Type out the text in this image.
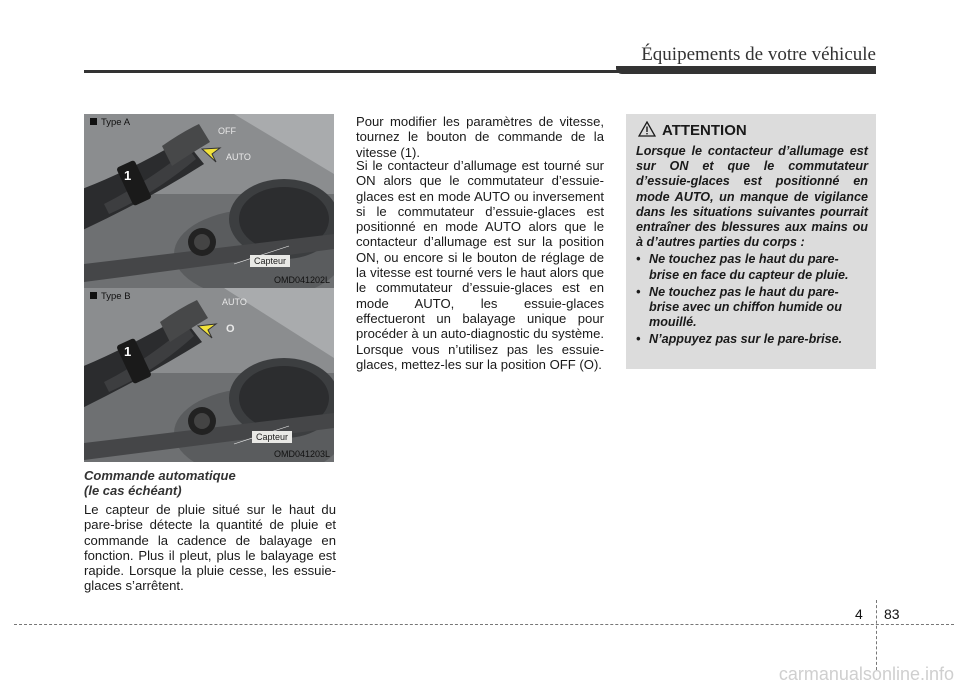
Équipements de votre véhicule
1
OFF
AUTO
Type A
Capteur
OMD041202L
1
AUTO
O
Type B
Capteur
OMD041203L
Commande automatique
(le cas échéant)
Le capteur de pluie situé sur le haut du pare-brise détecte la quantité de pluie et commande la cadence de balayage en fonction. Plus il pleut, plus le balayage est rapide. Lorsque la pluie cesse, les essuie-glaces s’arrêtent.
Pour modifier les paramètres de vitesse, tournez le bouton de commande de la vitesse (1).
Si le contacteur d’allumage est tourné sur ON alors que le commutateur d’essuie-glaces est en mode AUTO ou inversement si le commutateur d’essuie-glaces est positionné en mode AUTO alors que le contacteur d’allumage est sur la position ON, ou encore si le bouton de réglage de la vitesse est tourné vers le haut alors que le commutateur d’essuie-glaces est en mode AUTO, les essuie-glaces effectueront un balayage unique pour procéder à un auto-diagnostic du système. Lorsque vous n’utilisez pas les essuie-glaces, mettez-les sur la position OFF (O).
ATTENTION
Lorsque le contacteur d’allumage est sur ON et que le commutateur d’essuie-glaces est positionné en mode AUTO, un manque de vigilance dans les situations suivantes pourrait entraîner des blessures aux mains ou à d’autres parties du corps :
• Ne touchez pas le haut du pare-brise en face du capteur de pluie.
• Ne touchez pas le haut du pare-brise avec un chiffon humide ou mouillé.
• N’appuyez pas sur le pare-brise.
4 83
carmanualsonline.info
